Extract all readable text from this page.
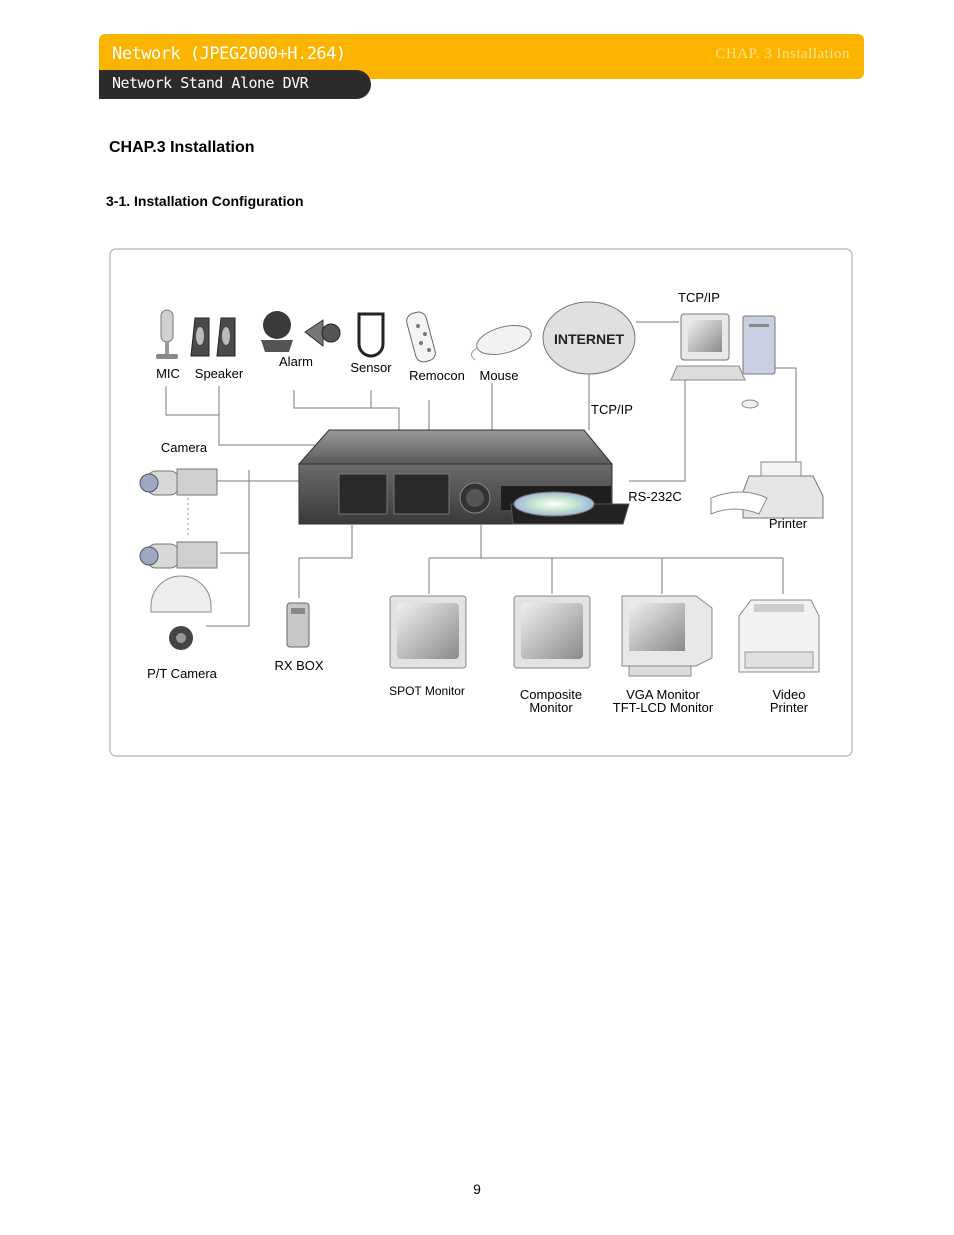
Network (JPEG2000+H.264)	CHAP. 3 Installation
Network Stand Alone DVR
CHAP.3 Installation
3-1. Installation Configuration
MIC Speaker
Alarm	Sensor
Remocon Mouse
INTERNET
TCP/IP
TCP/IP
Camera
P/T Camera
RS-232C
Printer
RX BOX
SPOT Monitor	Composite
Monitor
VGA Monitor
TFT-LCD Monitor
Video
Printer
9
